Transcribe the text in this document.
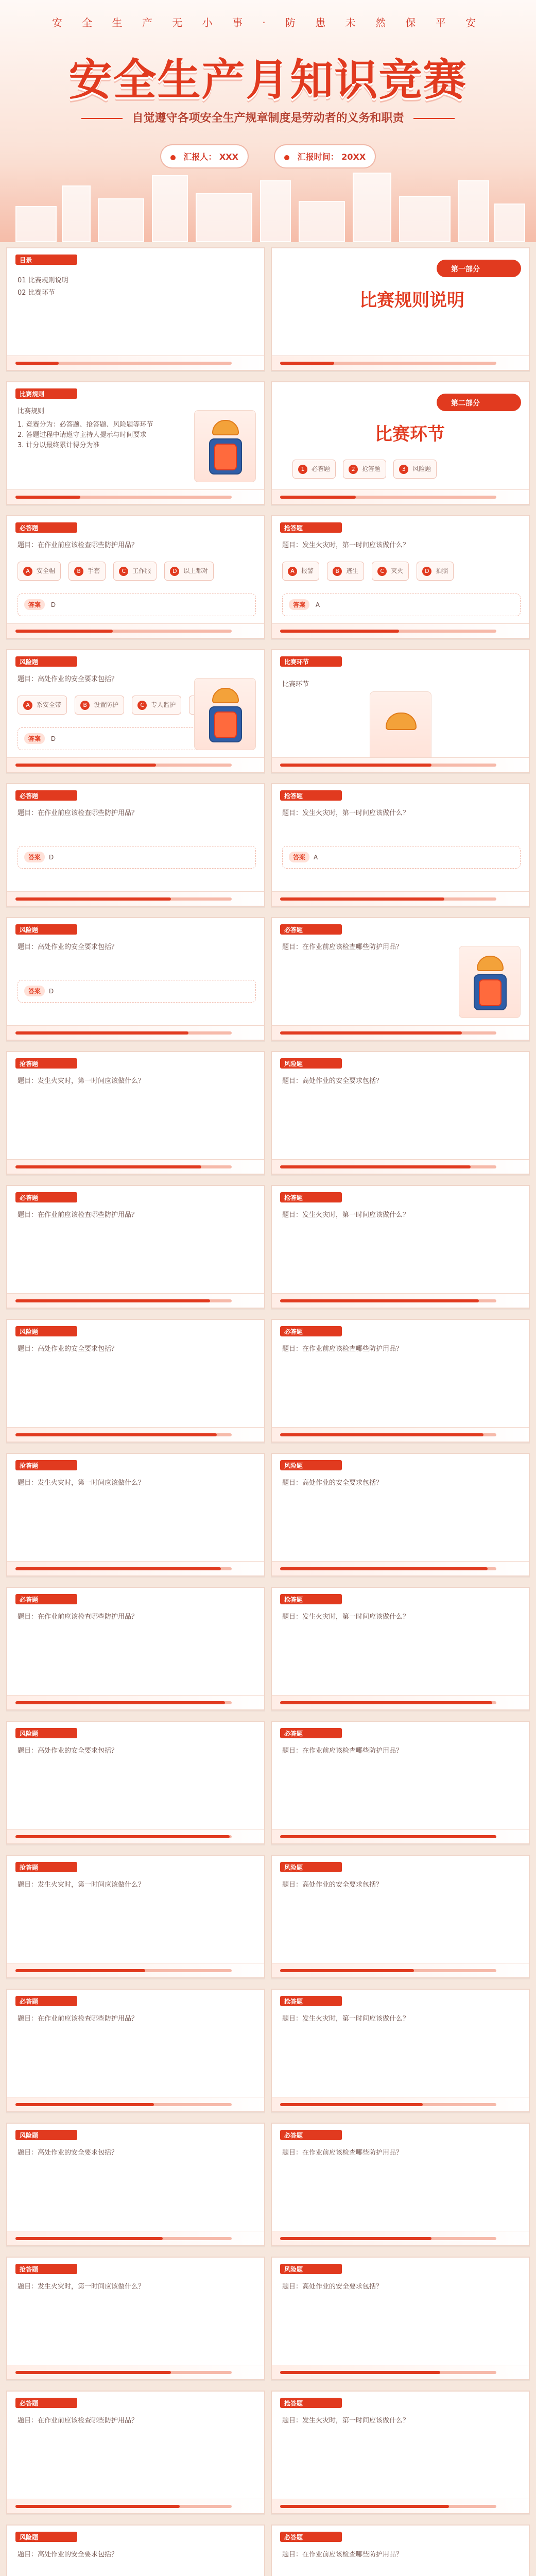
安 全 生 产 无 小 事 · 防 患 未 然 保 平 安
安全生产月知识竞赛
自觉遵守各项安全生产规章制度是劳动者的义务和职责
汇报人： XXX	汇报时间： 20XX
目录
01 比赛规则说明
02 比赛环节
第一部分
比赛规则说明
比赛规则
比赛规则
1. 竞赛分为：必答题、抢答题、风险题等环节
2. 答题过程中请遵守主持人提示与时间要求
3. 计分以最终累计得分为准
第二部分
比赛环节
1 必答题	2 抢答题	3 风险题
必答题
题目：在作业前应该检查哪些防护用品？
A 安全帽	B 手套	C 工作服	D 以上都对
答案 D
抢答题
题目：发生火灾时，第一时间应该做什么？
A 报警	B 逃生	C 灭火	D 拍照
答案 A
风险题
题目：高处作业的安全要求包括？
A 系安全带	B 设置防护	C 专人监护
答案 D
比赛环节
比赛环节
必答题
题目：在作业前应该检查哪些防护用品？
答案 D
抢答题
题目：发生火灾时，第一时间应该做什么？
答案 A
风险题
题目：高处作业的安全要求包括？
答案 D
必答题
题目：在作业前应该检查哪些防护用品？
抢答题
题目：发生火灾时，第一时间应该做什么？
风险题
题目：高处作业的安全要求包括？
必答题
题目：在作业前应该检查哪些防护用品？
抢答题
题目：发生火灾时，第一时间应该做什么？
风险题
题目：高处作业的安全要求包括？
必答题
题目：在作业前应该检查哪些防护用品？
抢答题
题目：发生火灾时，第一时间应该做什么？
风险题
题目：高处作业的安全要求包括？
必答题
题目：在作业前应该检查哪些防护用品？
抢答题
题目：发生火灾时，第一时间应该做什么？
风险题
题目：高处作业的安全要求包括？
必答题
题目：在作业前应该检查哪些防护用品？
抢答题
题目：发生火灾时，第一时间应该做什么？
风险题
题目：高处作业的安全要求包括？
必答题
题目：在作业前应该检查哪些防护用品？
抢答题
题目：发生火灾时，第一时间应该做什么？
风险题
题目：高处作业的安全要求包括？
必答题
题目：在作业前应该检查哪些防护用品？
抢答题
题目：发生火灾时，第一时间应该做什么？
风险题
题目：高处作业的安全要求包括？
必答题
题目：在作业前应该检查哪些防护用品？
抢答题
题目：发生火灾时，第一时间应该做什么？
风险题
题目：高处作业的安全要求包括？
必答题
题目：在作业前应该检查哪些防护用品？
